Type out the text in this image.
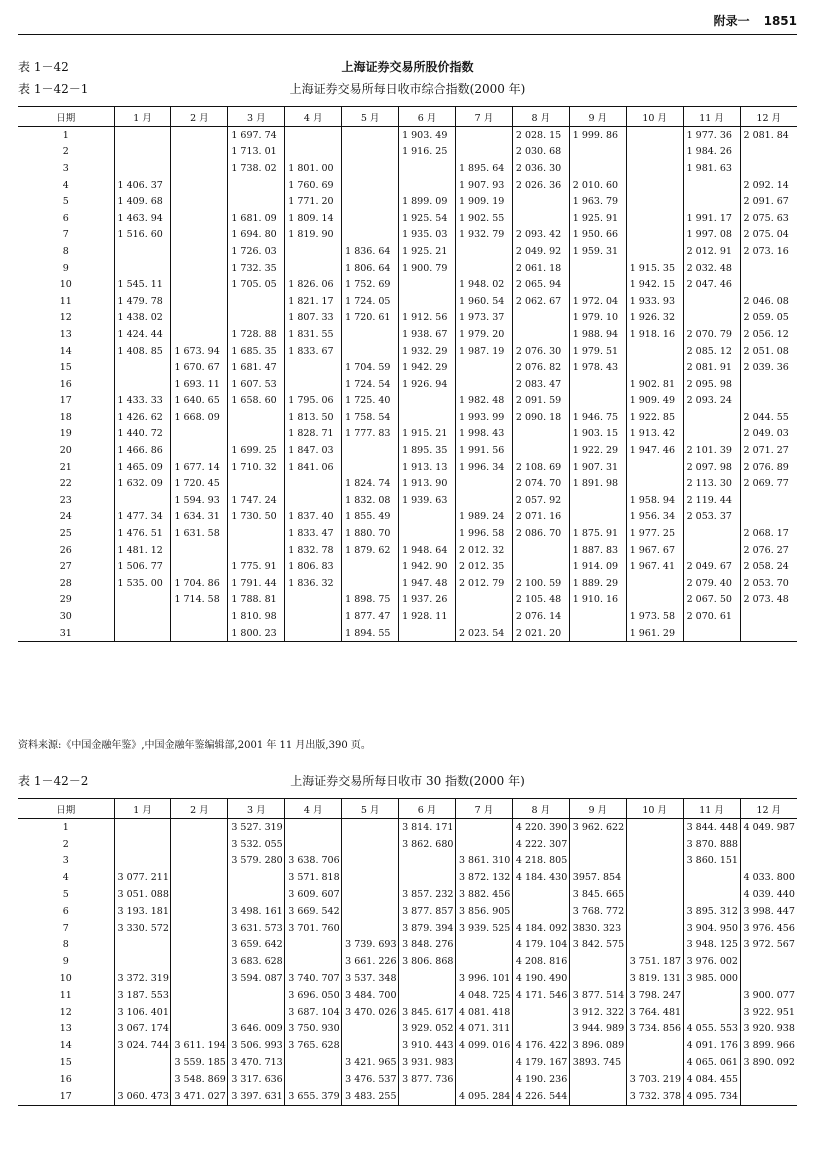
附录一 1851
表 1－42	上海证券交易所股价指数
表 1－42－1	上海证券交易所每日收市综合指数(2000 年)
日期	1 月	2 月	3 月	4 月	5 月	6 月	7 月	8 月	9 月	10 月	11 月	12 月
1			1 697. 74			1 903. 49		2 028. 15	1 999. 86		1 977. 36	2 081. 84
2			1 713. 01			1 916. 25		2 030. 68			1 984. 26	
3			1 738. 02	1 801. 00			1 895. 64	2 036. 30			1 981. 63	
4	1 406. 37			1 760. 69			1 907. 93	2 026. 36	2 010. 60			2 092. 14
5	1 409. 68			1 771. 20		1 899. 09	1 909. 19		1 963. 79			2 091. 67
6	1 463. 94		1 681. 09	1 809. 14		1 925. 54	1 902. 55		1 925. 91		1 991. 17	2 075. 63
7	1 516. 60		1 694. 80	1 819. 90		1 935. 03	1 932. 79	2 093. 42	1 950. 66		1 997. 08	2 075. 04
8			1 726. 03		1 836. 64	1 925. 21		2 049. 92	1 959. 31		2 012. 91	2 073. 16
9			1 732. 35		1 806. 64	1 900. 79		2 061. 18		1 915. 35	2 032. 48	
10	1 545. 11		1 705. 05	1 826. 06	1 752. 69		1 948. 02	2 065. 94		1 942. 15	2 047. 46	
11	1 479. 78			1 821. 17	1 724. 05		1 960. 54	2 062. 67	1 972. 04	1 933. 93		2 046. 08
12	1 438. 02			1 807. 33	1 720. 61	1 912. 56	1 973. 37		1 979. 10	1 926. 32		2 059. 05
13	1 424. 44		1 728. 88	1 831. 55		1 938. 67	1 979. 20		1 988. 94	1 918. 16	2 070. 79	2 056. 12
14	1 408. 85	1 673. 94	1 685. 35	1 833. 67		1 932. 29	1 987. 19	2 076. 30	1 979. 51		2 085. 12	2 051. 08
15		1 670. 67	1 681. 47		1 704. 59	1 942. 29		2 076. 82	1 978. 43		2 081. 91	2 039. 36
16		1 693. 11	1 607. 53		1 724. 54	1 926. 94		2 083. 47		1 902. 81	2 095. 98	
17	1 433. 33	1 640. 65	1 658. 60	1 795. 06	1 725. 40		1 982. 48	2 091. 59		1 909. 49	2 093. 24	
18	1 426. 62	1 668. 09		1 813. 50	1 758. 54		1 993. 99	2 090. 18	1 946. 75	1 922. 85		2 044. 55
19	1 440. 72			1 828. 71	1 777. 83	1 915. 21	1 998. 43		1 903. 15	1 913. 42		2 049. 03
20	1 466. 86		1 699. 25	1 847. 03		1 895. 35	1 991. 56		1 922. 29	1 947. 46	2 101. 39	2 071. 27
21	1 465. 09	1 677. 14	1 710. 32	1 841. 06		1 913. 13	1 996. 34	2 108. 69	1 907. 31		2 097. 98	2 076. 89
22	1 632. 09	1 720. 45			1 824. 74	1 913. 90		2 074. 70	1 891. 98		2 113. 30	2 069. 77
23		1 594. 93	1 747. 24		1 832. 08	1 939. 63		2 057. 92		1 958. 94	2 119. 44	
24	1 477. 34	1 634. 31	1 730. 50	1 837. 40	1 855. 49		1 989. 24	2 071. 16		1 956. 34	2 053. 37	
25	1 476. 51	1 631. 58		1 833. 47	1 880. 70		1 996. 58	2 086. 70	1 875. 91	1 977. 25		2 068. 17
26	1 481. 12			1 832. 78	1 879. 62	1 948. 64	2 012. 32		1 887. 83	1 967. 67		2 076. 27
27	1 506. 77		1 775. 91	1 806. 83		1 942. 90	2 012. 35		1 914. 09	1 967. 41	2 049. 67	2 058. 24
28	1 535. 00	1 704. 86	1 791. 44	1 836. 32		1 947. 48	2 012. 79	2 100. 59	1 889. 29		2 079. 40	2 053. 70
29		1 714. 58	1 788. 81		1 898. 75	1 937. 26		2 105. 48	1 910. 16		2 067. 50	2 073. 48
30			1 810. 98		1 877. 47	1 928. 11		2 076. 14		1 973. 58	2 070. 61	
31			1 800. 23		1 894. 55		2 023. 54	2 021. 20		1 961. 29		
资料来源:《中国金融年鉴》,中国金融年鉴编辑部,2001 年 11 月出版,390 页。
表 1－42－2	上海证券交易所每日收市 30 指数(2000 年)
日期	1 月	2 月	3 月	4 月	5 月	6 月	7 月	8 月	9 月	10 月	11 月	12 月
1			3 527. 319			3 814. 171		4 220. 390	3 962. 622		3 844. 448	4 049. 987
2			3 532. 055			3 862. 680		4 222. 307			3 870. 888	
3			3 579. 280	3 638. 706			3 861. 310	4 218. 805			3 860. 151	
4	3 077. 211			3 571. 818			3 872. 132	4 184. 430	3957. 854			4 033. 800
5	3 051. 088			3 609. 607		3 857. 232	3 882. 456		3 845. 665			4 039. 440
6	3 193. 181		3 498. 161	3 669. 542		3 877. 857	3 856. 905		3 768. 772		3 895. 312	3 998. 447
7	3 330. 572		3 631. 573	3 701. 760		3 879. 394	3 939. 525	4 184. 092	3830. 323		3 904. 950	3 976. 456
8			3 659. 642		3 739. 693	3 848. 276		4 179. 104	3 842. 575		3 948. 125	3 972. 567
9			3 683. 628		3 661. 226	3 806. 868		4 208. 816		3 751. 187	3 976. 002	
10	3 372. 319		3 594. 087	3 740. 707	3 537. 348		3 996. 101	4 190. 490		3 819. 131	3 985. 000	
11	3 187. 553			3 696. 050	3 484. 700		4 048. 725	4 171. 546	3 877. 514	3 798. 247		3 900. 077
12	3 106. 401			3 687. 104	3 470. 026	3 845. 617	4 081. 418		3 912. 322	3 764. 481		3 922. 951
13	3 067. 174		3 646. 009	3 750. 930		3 929. 052	4 071. 311		3 944. 989	3 734. 856	4 055. 553	3 920. 938
14	3 024. 744	3 611. 194	3 506. 993	3 765. 628		3 910. 443	4 099. 016	4 176. 422	3 896. 089		4 091. 176	3 899. 966
15		3 559. 185	3 470. 713		3 421. 965	3 931. 983		4 179. 167	3893. 745		4 065. 061	3 890. 092
16		3 548. 869	3 317. 636		3 476. 537	3 877. 736		4 190. 236		3 703. 219	4 084. 455	
17	3 060. 473	3 471. 027	3 397. 631	3 655. 379	3 483. 255		4 095. 284	4 226. 544		3 732. 378	4 095. 734	
